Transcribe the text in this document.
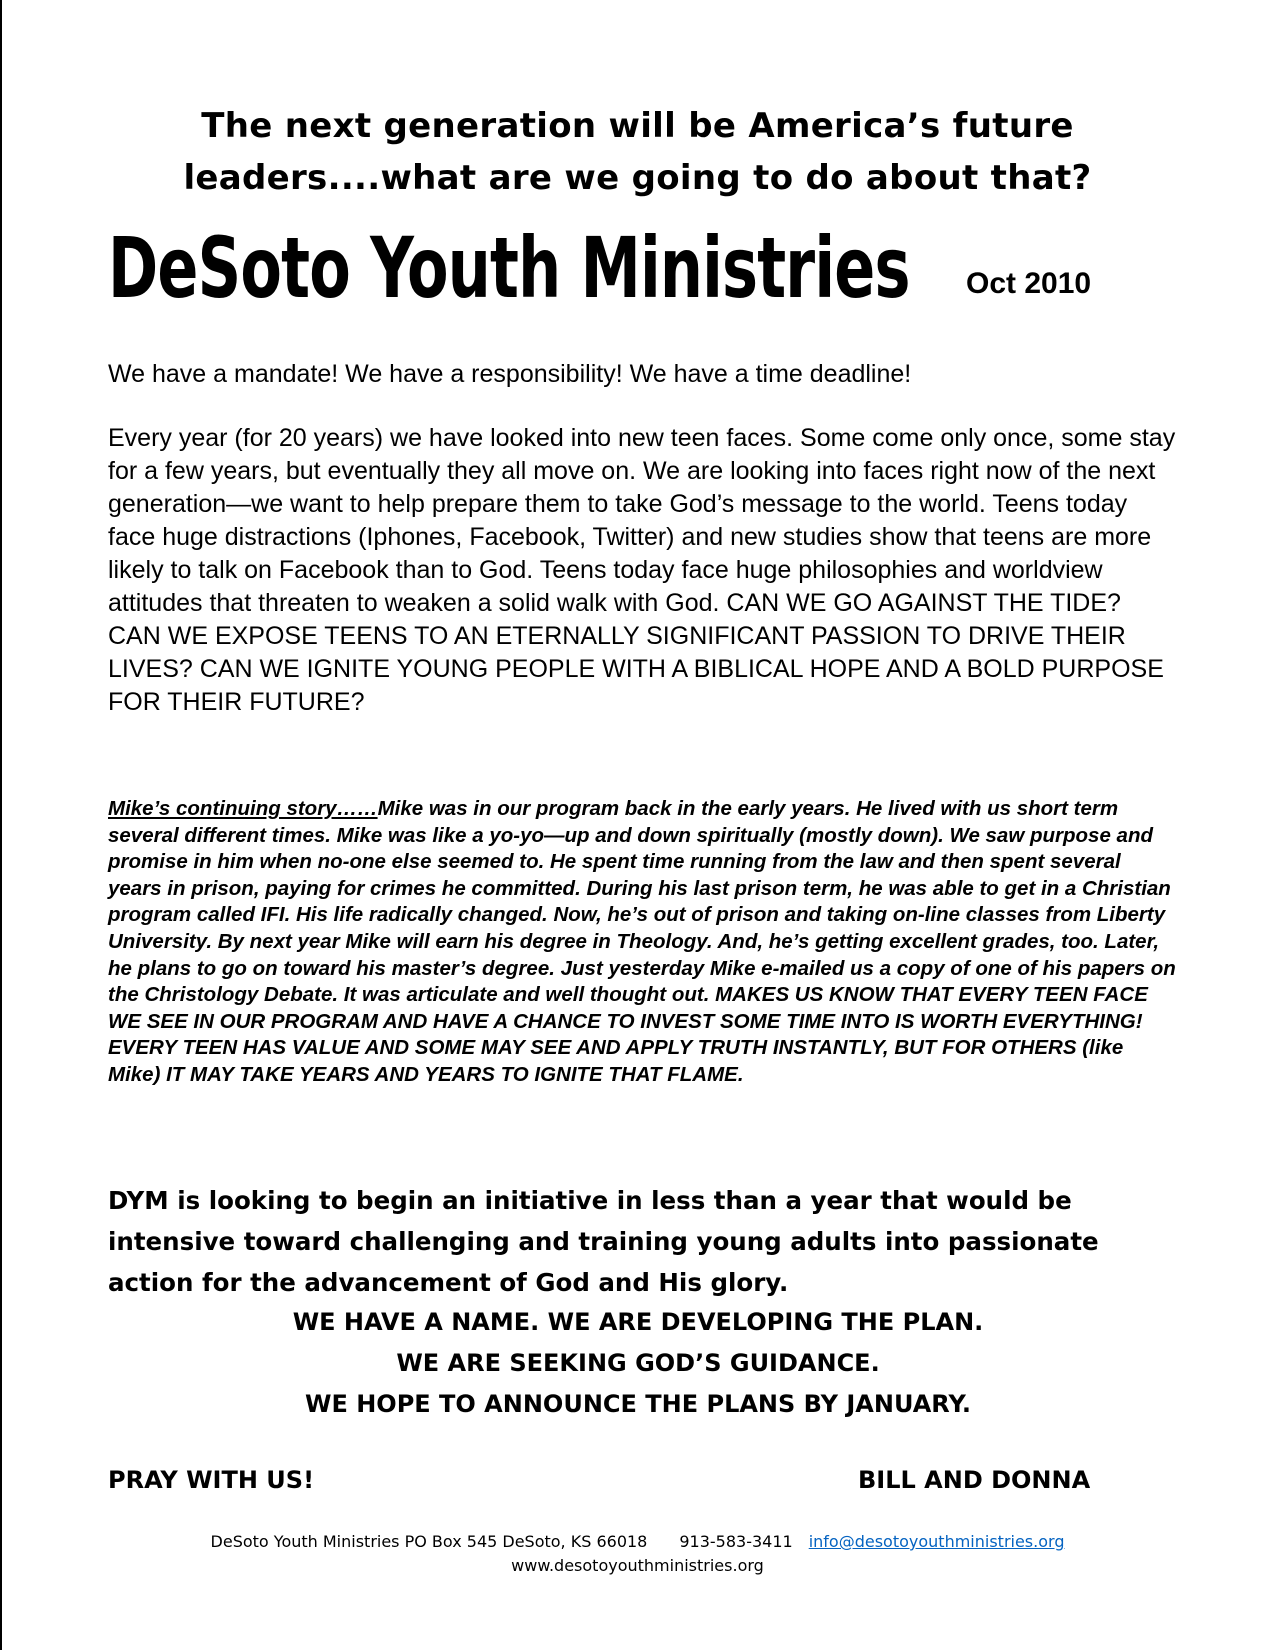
The next generation will be America’s future
leaders....what are we going to do about that?
DeSoto Youth Ministries Oct 2010

We have a mandate! We have a responsibility! We have a time deadline!

Every year (for 20 years) we have looked into new teen faces. Some come only once, some stay for a few years, but eventually they all move on. We are looking into faces right now of the next generation—we want to help prepare them to take God’s message to the world. Teens today face huge distractions (Iphones, Facebook, Twitter) and new studies show that teens are more likely to talk on Facebook than to God. Teens today face huge philosophies and worldview attitudes that threaten to weaken a solid walk with God. CAN WE GO AGAINST THE TIDE? CAN WE EXPOSE TEENS TO AN ETERNALLY SIGNIFICANT PASSION TO DRIVE THEIR LIVES? CAN WE IGNITE YOUNG PEOPLE WITH A BIBLICAL HOPE AND A BOLD PURPOSE FOR THEIR FUTURE?

Mike’s continuing story……Mike was in our program back in the early years. He lived with us short term several different times. Mike was like a yo-yo—up and down spiritually (mostly down). We saw purpose and promise in him when no-one else seemed to. He spent time running from the law and then spent several years in prison, paying for crimes he committed. During his last prison term, he was able to get in a Christian program called IFI. His life radically changed. Now, he’s out of prison and taking on-line classes from Liberty University. By next year Mike will earn his degree in Theology. And, he’s getting excellent grades, too. Later, he plans to go on toward his master’s degree. Just yesterday Mike e-mailed us a copy of one of his papers on the Christology Debate. It was articulate and well thought out. MAKES US KNOW THAT EVERY TEEN FACE WE SEE IN OUR PROGRAM AND HAVE A CHANCE TO INVEST SOME TIME INTO IS WORTH EVERYTHING! EVERY TEEN HAS VALUE AND SOME MAY SEE AND APPLY TRUTH INSTANTLY, BUT FOR OTHERS (like Mike) IT MAY TAKE YEARS AND YEARS TO IGNITE THAT FLAME.

DYM is looking to begin an initiative in less than a year that would be intensive toward challenging and training young adults into passionate action for the advancement of God and His glory.

WE HAVE A NAME. WE ARE DEVELOPING THE PLAN.
WE ARE SEEKING GOD’S GUIDANCE.
WE HOPE TO ANNOUNCE THE PLANS BY JANUARY.
PRAY WITH US!	BILL AND DONNA
DeSoto Youth Ministries PO Box 545 DeSoto, KS 66018 913-583-3411 info@desotoyouthministries.org
www.desotoyouthministries.org
